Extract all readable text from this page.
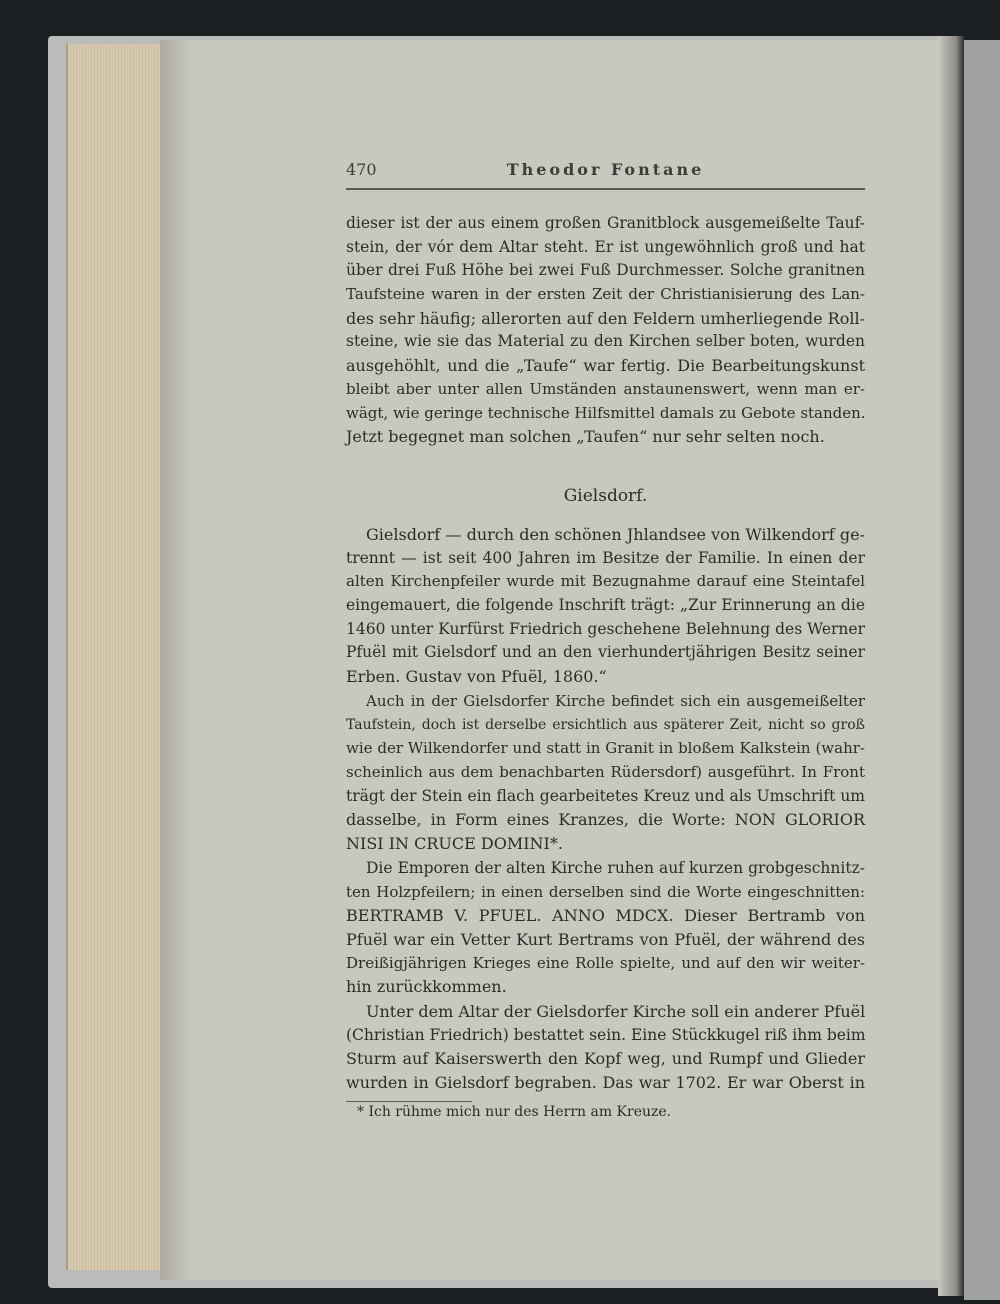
470	Theodor Fontane
dieser ist der aus einem großen Granitblock ausgemeißelte Tauf-
stein, der vór dem Altar steht. Er ist ungewöhnlich groß und hat
über drei Fuß Höhe bei zwei Fuß Durchmesser. Solche granitnen
Taufsteine waren in der ersten Zeit der Christianisierung des Lan-
des sehr häufig; allerorten auf den Feldern umherliegende Roll-
steine, wie sie das Material zu den Kirchen selber boten, wurden
ausgehöhlt, und die „Taufe“ war fertig. Die Bearbeitungskunst
bleibt aber unter allen Umständen anstaunenswert, wenn man er-
wägt, wie geringe technische Hilfsmittel damals zu Gebote standen.
Jetzt begegnet man solchen „Taufen“ nur sehr selten noch.
Gielsdorf.
Gielsdorf — durch den schönen Jhlandsee von Wilkendorf ge-
trennt — ist seit 400 Jahren im Besitze der Familie. In einen der
alten Kirchenpfeiler wurde mit Bezugnahme darauf eine Steintafel
eingemauert, die folgende Inschrift trägt: „Zur Erinnerung an die
1460 unter Kurfürst Friedrich geschehene Belehnung des Werner
Pfuël mit Gielsdorf und an den vierhundertjährigen Besitz seiner
Erben. Gustav von Pfuël, 1860.“
Auch in der Gielsdorfer Kirche befindet sich ein ausgemeißelter
Taufstein, doch ist derselbe ersichtlich aus späterer Zeit, nicht so groß
wie der Wilkendorfer und statt in Granit in bloßem Kalkstein (wahr-
scheinlich aus dem benachbarten Rüdersdorf) ausgeführt. In Front
trägt der Stein ein flach gearbeitetes Kreuz und als Umschrift um
dasselbe, in Form eines Kranzes, die Worte: NON GLORIOR
NISI IN CRUCE DOMINI*.
Die Emporen der alten Kirche ruhen auf kurzen grobgeschnitz-
ten Holzpfeilern; in einen derselben sind die Worte eingeschnitten:
BERTRAMB V. PFUEL. ANNO MDCX. Dieser Bertramb von
Pfuël war ein Vetter Kurt Bertrams von Pfuël, der während des
Dreißigjährigen Krieges eine Rolle spielte, und auf den wir weiter-
hin zurückkommen.
Unter dem Altar der Gielsdorfer Kirche soll ein anderer Pfuël
(Christian Friedrich) bestattet sein. Eine Stückkugel riß ihm beim
Sturm auf Kaiserswerth den Kopf weg, und Rumpf und Glieder
wurden in Gielsdorf begraben. Das war 1702. Er war Oberst in
* Ich rühme mich nur des Herrn am Kreuze.
